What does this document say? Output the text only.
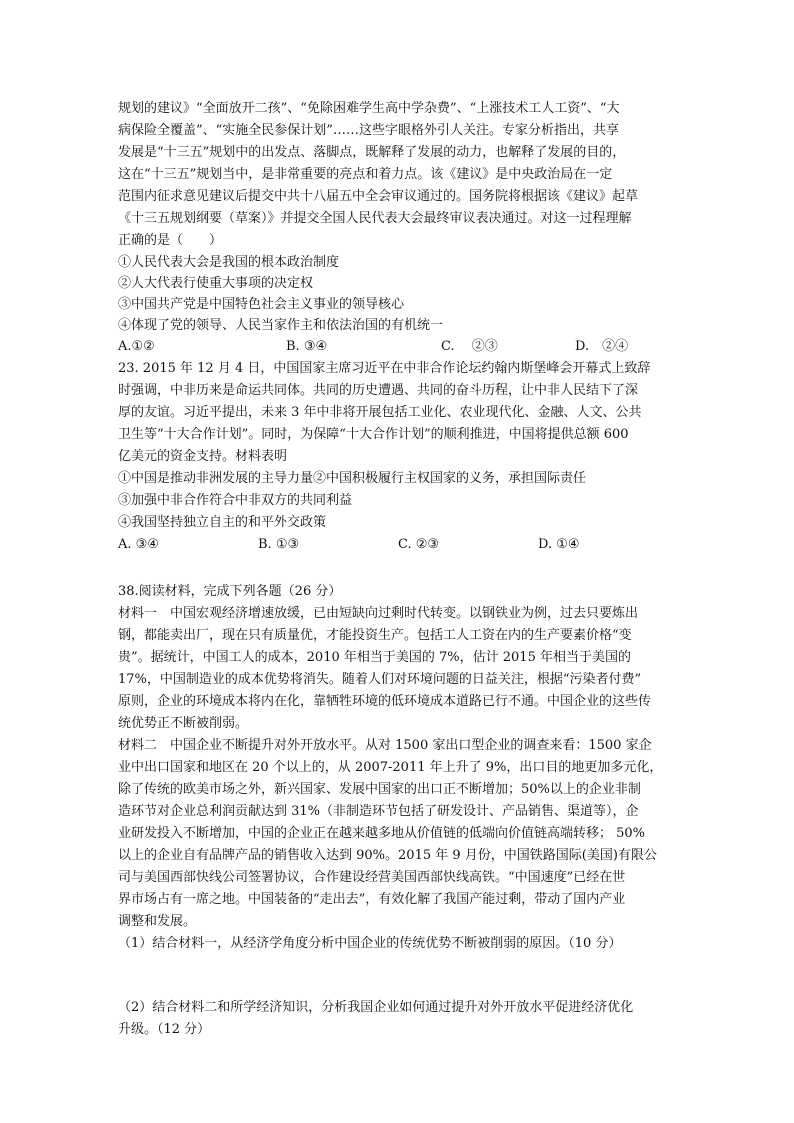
规划的建议》“全面放开二孩”、“免除困难学生高中学杂费”、“上涨技术工人工资”、“大
病保险全覆盖”、“实施全民参保计划”……这些字眼格外引人关注。专家分析指出，共享
发展是“十三五”规划中的出发点、落脚点，既解释了发展的动力，也解释了发展的目的，
这在“十三五”规划当中，是非常重要的亮点和着力点。该《建议》是中央政治局在一定
范围内征求意见建议后提交中共十八届五中全会审议通过的。国务院将根据该《建议》起草
《十三五规划纲要（草案）》并提交全国人民代表大会最终审议表决通过。对这一过程理解
正确的是（　　）
①人民代表大会是我国的根本政治制度
②人大代表行使重大事项的决定权
③中国共产党是中国特色社会主义事业的领导核心
④体现了党的领导、人民当家作主和依法治国的有机统一
A.①②	B. ③④	C.　 ②③	D.　②④
23. 2015 年 12 月 4 日，中国国家主席习近平在中非合作论坛约翰内斯堡峰会开幕式上致辞
时强调，中非历来是命运共同体。共同的历史遭遇、共同的奋斗历程，让中非人民结下了深
厚的友谊。习近平提出，未来 3 年中非将开展包括工业化、农业现代化、金融、人文、公共
卫生等“十大合作计划”。同时，为保障“十大合作计划”的顺利推进，中国将提供总额 600
亿美元的资金支持。材料表明
①中国是推动非洲发展的主导力量②中国积极履行主权国家的义务，承担国际责任
③加强中非合作符合中非双方的共同利益
④我国坚持独立自主的和平外交政策
A. ③④	B. ①③	C. ②③	D. ①④
38.阅读材料，完成下列各题（26 分）
材料一　中国宏观经济增速放缓，已由短缺向过剩时代转变。以钢铁业为例，过去只要炼出
钢，都能卖出厂，现在只有质量优，才能投资生产。包括工人工资在内的生产要素价格“变
贵”。据统计，中国工人的成本，2010 年相当于美国的 7%，估计 2015 年相当于美国的
17%，中国制造业的成本优势将消失。随着人们对环境问题的日益关注，根据“污染者付费”
原则，企业的环境成本将内在化，靠牺牲环境的低环境成本道路已行不通。中国企业的这些传
统优势正不断被削弱。
材料二　中国企业不断提升对外开放水平。从对 1500 家出口型企业的调查来看：1500 家企
业中出口国家和地区在 20 个以上的，从 2007-2011 年上升了 9%，出口目的地更加多元化，
除了传统的欧美市场之外，新兴国家、发展中国家的出口正不断增加；50%以上的企业非制
造环节对企业总利润贡献达到 31%（非制造环节包括了研发设计、产品销售、渠道等），企
业研发投入不断增加，中国的企业正在越来越多地从价值链的低端向价值链高端转移； 50%
以上的企业自有品牌产品的销售收入达到 90%。2015 年 9 月份，中国铁路国际(美国)有限公
司与美国西部快线公司签署协议，合作建设经营美国西部快线高铁。“中国速度”已经在世
界市场占有一席之地。中国装备的“走出去”，有效化解了我国产能过剩，带动了国内产业
调整和发展。
（1）结合材料一，从经济学角度分析中国企业的传统优势不断被削弱的原因。（10 分）
（2）结合材料二和所学经济知识，分析我国企业如何通过提升对外开放水平促进经济优化
升级。（12 分）
